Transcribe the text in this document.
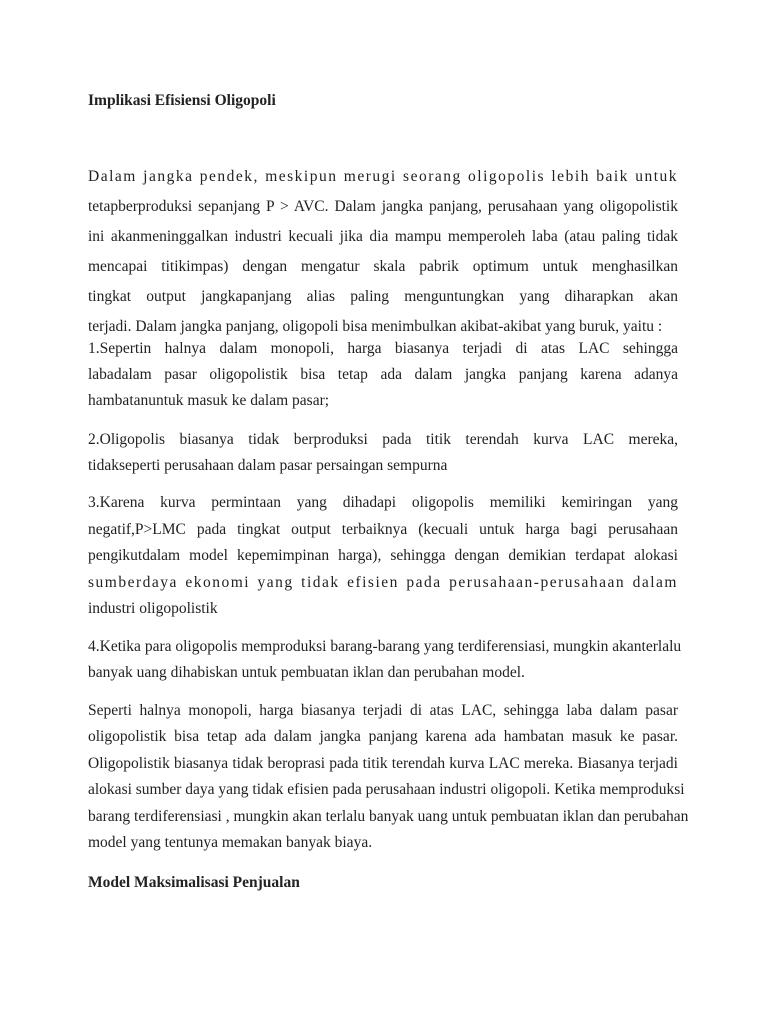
Implikasi Efisiensi Oligopoli
Dalam jangka pendek, meskipun merugi seorang oligopolis lebih baik untuk
tetapberproduksi sepanjang P > AVC. Dalam jangka panjang, perusahaan yang oligopolistik
ini akanmeninggalkan industri kecuali jika dia mampu memperoleh laba (atau paling tidak
mencapai titikimpas) dengan mengatur skala pabrik optimum untuk menghasilkan
tingkat output jangkapanjang alias paling menguntungkan yang diharapkan akan
terjadi. Dalam jangka panjang, oligopoli bisa menimbulkan akibat-akibat yang buruk, yaitu :
1.Sepertin halnya dalam monopoli, harga biasanya terjadi di atas LAC sehingga
labadalam pasar oligopolistik bisa tetap ada dalam jangka panjang karena adanya
hambatanuntuk masuk ke dalam pasar;
2.Oligopolis biasanya tidak berproduksi pada titik terendah kurva LAC mereka,
tidakseperti perusahaan dalam pasar persaingan sempurna
3.Karena kurva permintaan yang dihadapi oligopolis memiliki kemiringan yang
negatif,P>LMC pada tingkat output terbaiknya (kecuali untuk harga bagi perusahaan
pengikutdalam model kepemimpinan harga), sehingga dengan demikian terdapat alokasi
sumberdaya ekonomi yang tidak efisien pada perusahaan-perusahaan dalam
industri oligopolistik
4.Ketika para oligopolis memproduksi barang-barang yang terdiferensiasi, mungkin akanterlalu
banyak uang dihabiskan untuk pembuatan iklan dan perubahan model.
Seperti halnya monopoli, harga biasanya terjadi di atas LAC, sehingga laba dalam pasar
oligopolistik bisa tetap ada dalam jangka panjang karena ada hambatan masuk ke pasar.
Oligopolistik biasanya tidak beroprasi pada titik terendah kurva LAC mereka. Biasanya terjadi
alokasi sumber daya yang tidak efisien pada perusahaan industri oligopoli. Ketika memproduksi
barang terdiferensiasi , mungkin akan terlalu banyak uang untuk pembuatan iklan dan perubahan
model yang tentunya memakan banyak biaya.
Model Maksimalisasi Penjualan
